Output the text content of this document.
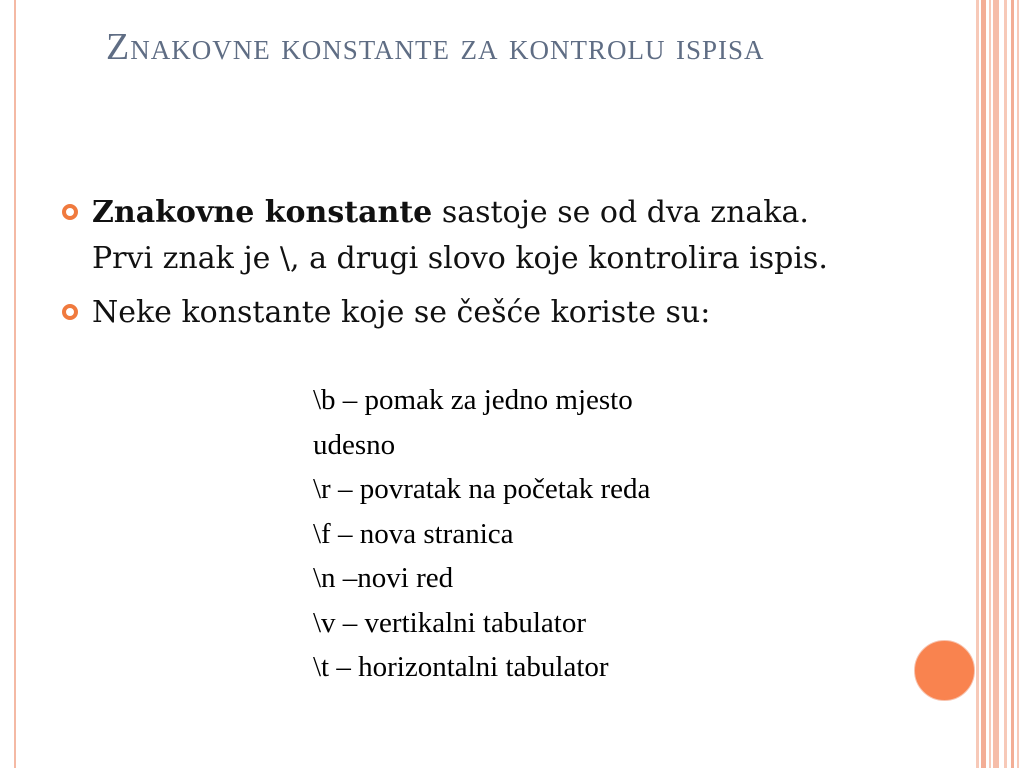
Znakovne konstante za kontrolu ispisa
Znakovne konstante sastoje se od dva znaka. Prvi znak je \, a drugi slovo koje kontrolira ispis.
Neke konstante koje se češće koriste su:
\b – pomak za jedno mjesto
udesno
\r – povratak na početak reda
\f – nova stranica
\n –novi red
\v – vertikalni tabulator
\t – horizontalni tabulator
